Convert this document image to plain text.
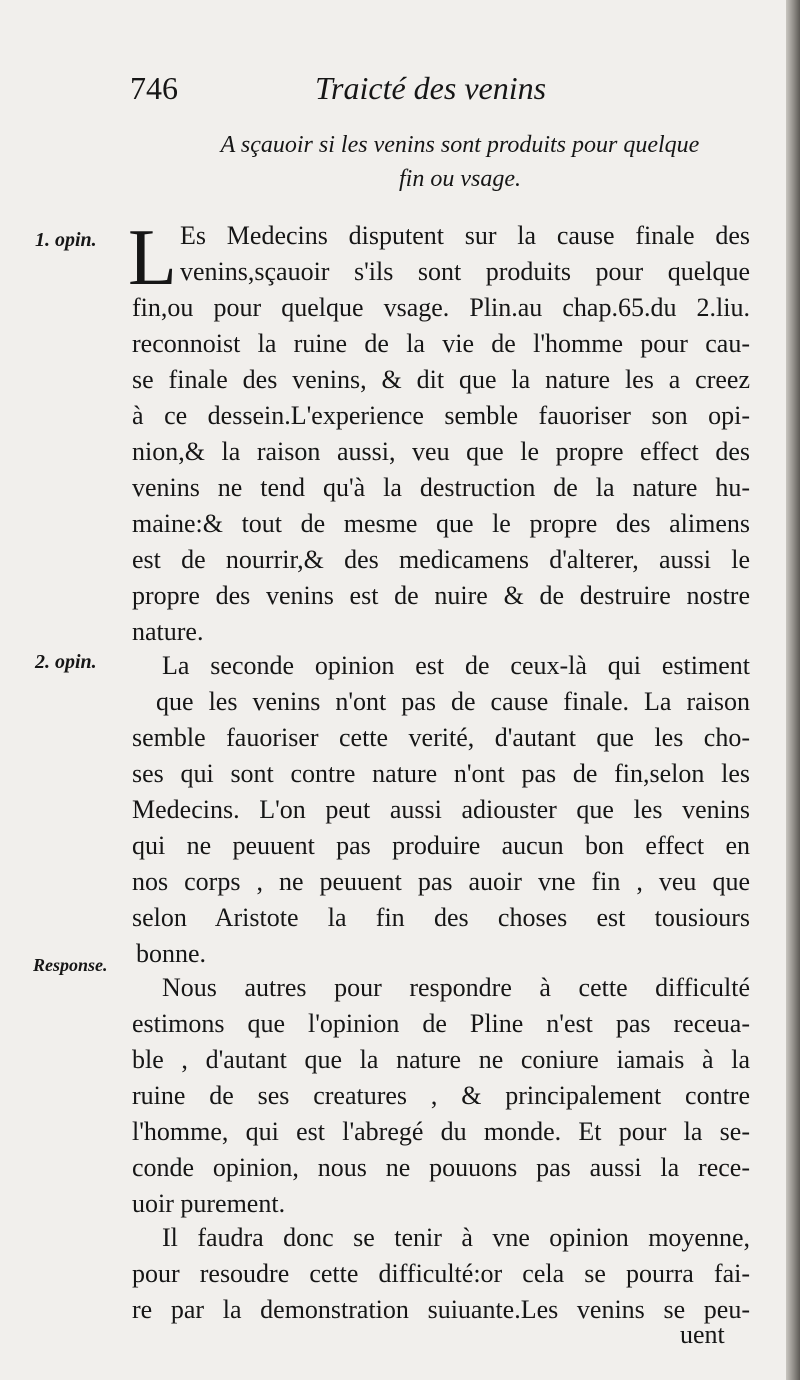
746	Traicté des venins
A sçauoir si les venins sont produits pour quelque
fin ou vsage.
1. opin.
2. opin.
Response.
L Es Medecins disputent sur la cause finale des
venins,sçauoir s'ils sont produits pour quelque
fin,ou pour quelque vsage. Plin.au chap.65.du 2.liu.
reconnoist la ruine de la vie de l'homme pour cau-
se finale des venins, & dit que la nature les a creez
à ce dessein.L'experience semble fauoriser son opi-
nion,& la raison aussi, veu que le propre effect des
venins ne tend qu'à la destruction de la nature hu-
maine:& tout de mesme que le propre des alimens
est de nourrir,& des medicamens d'alterer, aussi le
propre des venins est de nuire & de destruire nostre
nature.
La seconde opinion est de ceux-là qui estiment
que les venins n'ont pas de cause finale. La raison
semble fauoriser cette verité, d'autant que les cho-
ses qui sont contre nature n'ont pas de fin,selon les
Medecins. L'on peut aussi adiouster que les venins
qui ne peuuent pas produire aucun bon effect en
nos corps , ne peuuent pas auoir vne fin , veu que
selon Aristote la fin des choses est tousiours
bonne.
Nous autres pour respondre à cette difficulté
estimons que l'opinion de Pline n'est pas receua-
ble , d'autant que la nature ne coniure iamais à la
ruine de ses creatures , & principalement contre
l'homme, qui est l'abregé du monde. Et pour la se-
conde opinion, nous ne pouuons pas aussi la rece-
uoir purement.
Il faudra donc se tenir à vne opinion moyenne,
pour resoudre cette difficulté:or cela se pourra fai-
re par la demonstration suiuante.Les venins se peu-
uent
